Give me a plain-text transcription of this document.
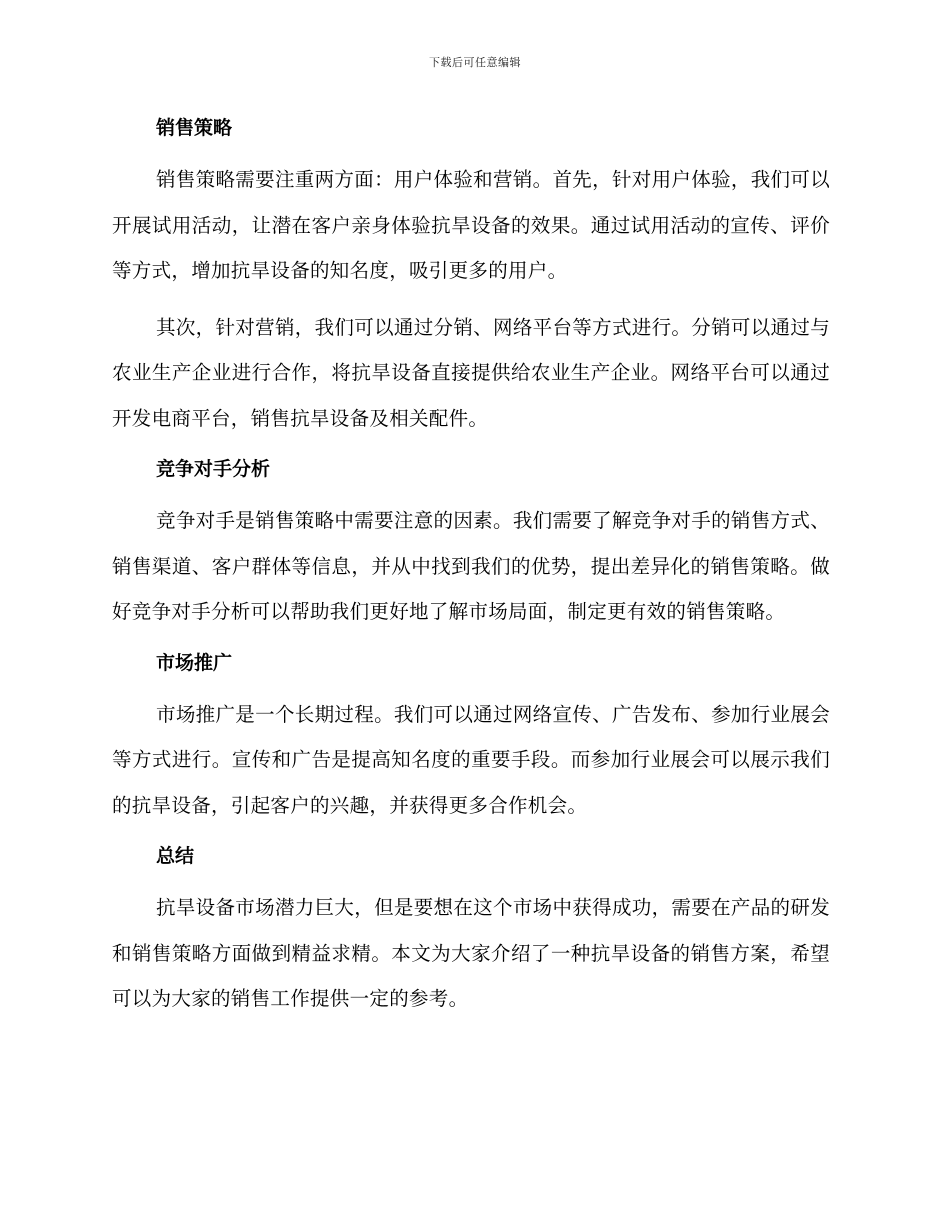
下载后可任意编辑
销售策略

销售策略需要注重两方面：用户体验和营销。首先，针对用户体验，我们可以开展试用活动，让潜在客户亲身体验抗旱设备的效果。通过试用活动的宣传、评价等方式，增加抗旱设备的知名度，吸引更多的用户。

其次，针对营销，我们可以通过分销、网络平台等方式进行。分销可以通过与农业生产企业进行合作，将抗旱设备直接提供给农业生产企业。网络平台可以通过开发电商平台，销售抗旱设备及相关配件。

竞争对手分析

竞争对手是销售策略中需要注意的因素。我们需要了解竞争对手的销售方式、销售渠道、客户群体等信息，并从中找到我们的优势，提出差异化的销售策略。做好竞争对手分析可以帮助我们更好地了解市场局面，制定更有效的销售策略。

市场推广

市场推广是一个长期过程。我们可以通过网络宣传、广告发布、参加行业展会等方式进行。宣传和广告是提高知名度的重要手段。而参加行业展会可以展示我们的抗旱设备，引起客户的兴趣，并获得更多合作机会。

总结

抗旱设备市场潜力巨大，但是要想在这个市场中获得成功，需要在产品的研发和销售策略方面做到精益求精。本文为大家介绍了一种抗旱设备的销售方案，希望可以为大家的销售工作提供一定的参考。
